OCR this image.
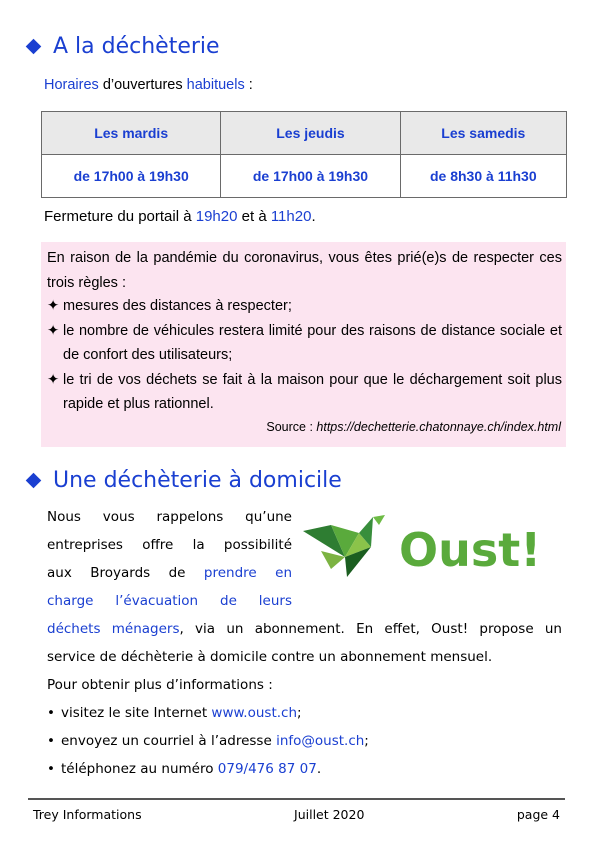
A la déchèterie
Horaires d’ouvertures habituels :
Les mardis	Les jeudis	Les samedis
de 17h00 à 19h30	de 17h00 à 19h30	de 8h30 à 11h30
Fermeture du portail à 19h20 et à 11h20.

En raison de la pandémie du coronavirus, vous êtes prié(e)s de respecter ces trois règles :

✦ mesures des distances à respecter;
✦ le nombre de véhicules restera limité pour des raisons de distance sociale et de confort des utilisateurs;
✦ le tri de vos déchets se fait à la maison pour que le déchargement soit plus rapide et plus rationnel.
Source : https://dechetterie.chatonnaye.ch/index.html
Une déchèterie à domicile
Nous vous rappelons qu’une
entreprises offre la possibilité
aux Broyards de prendre en
charge l’évacuation de leurs
Oust!
déchets ménagers, via un abonnement. En effet, Oust! propose un
service de déchèterie à domicile contre un abonnement mensuel.
Pour obtenir plus d’informations :
• visitez le site Internet www.oust.ch;
• envoyez un courriel à l’adresse info@oust.ch;
• téléphonez au numéro 079/476 87 07.
Trey Informations	Juillet 2020	page 4
